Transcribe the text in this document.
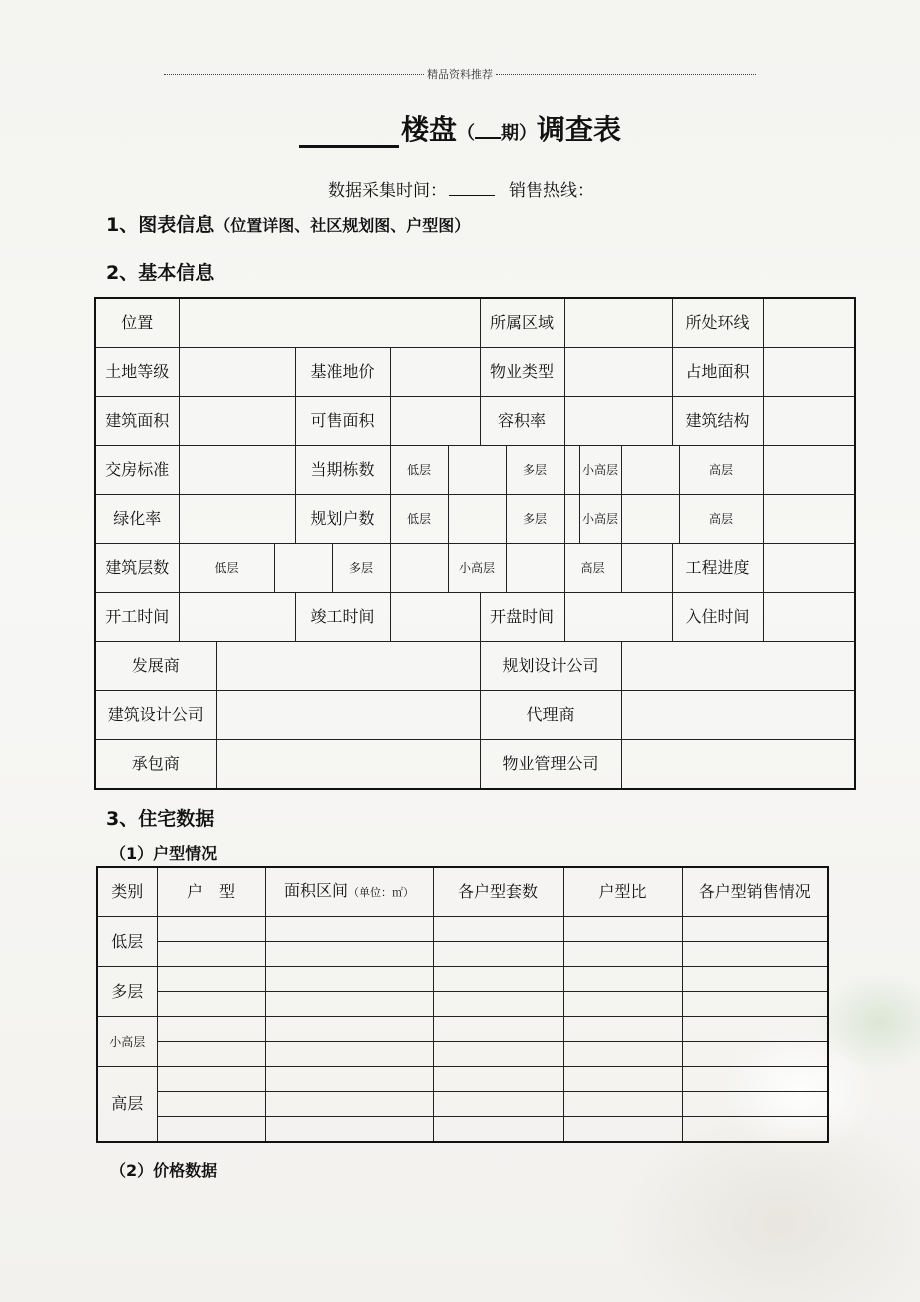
精品资料推荐
楼盘（ 期）调查表
数据采集时间：	销售热线：
1、图表信息（位置详图、社区规划图、户型图）
2、基本信息
位置								所属区域					所处环线		
土地等级				基准地价				物业类型					占地面积		
建筑面积				可售面积				容积率					建筑结构		
交房标准				当期栋数		低层			多层		小高层			高层	
绿化率				规划户数		低层			多层		小高层			高层	
建筑层数	低层				多层		小高层			高层			工程进度		
开工时间				竣工时间				开盘时间					入住时间		
发展商								规划设计公司							
建筑设计公司								代理商							
承包商								物业管理公司							
3、住宅数据
（1）户型情况
类别	户　型	面积区间（单位：㎡）	各户型套数	户型比	各户型销售情况
低层					

多层					

小高层					

高层					

（2）价格数据
